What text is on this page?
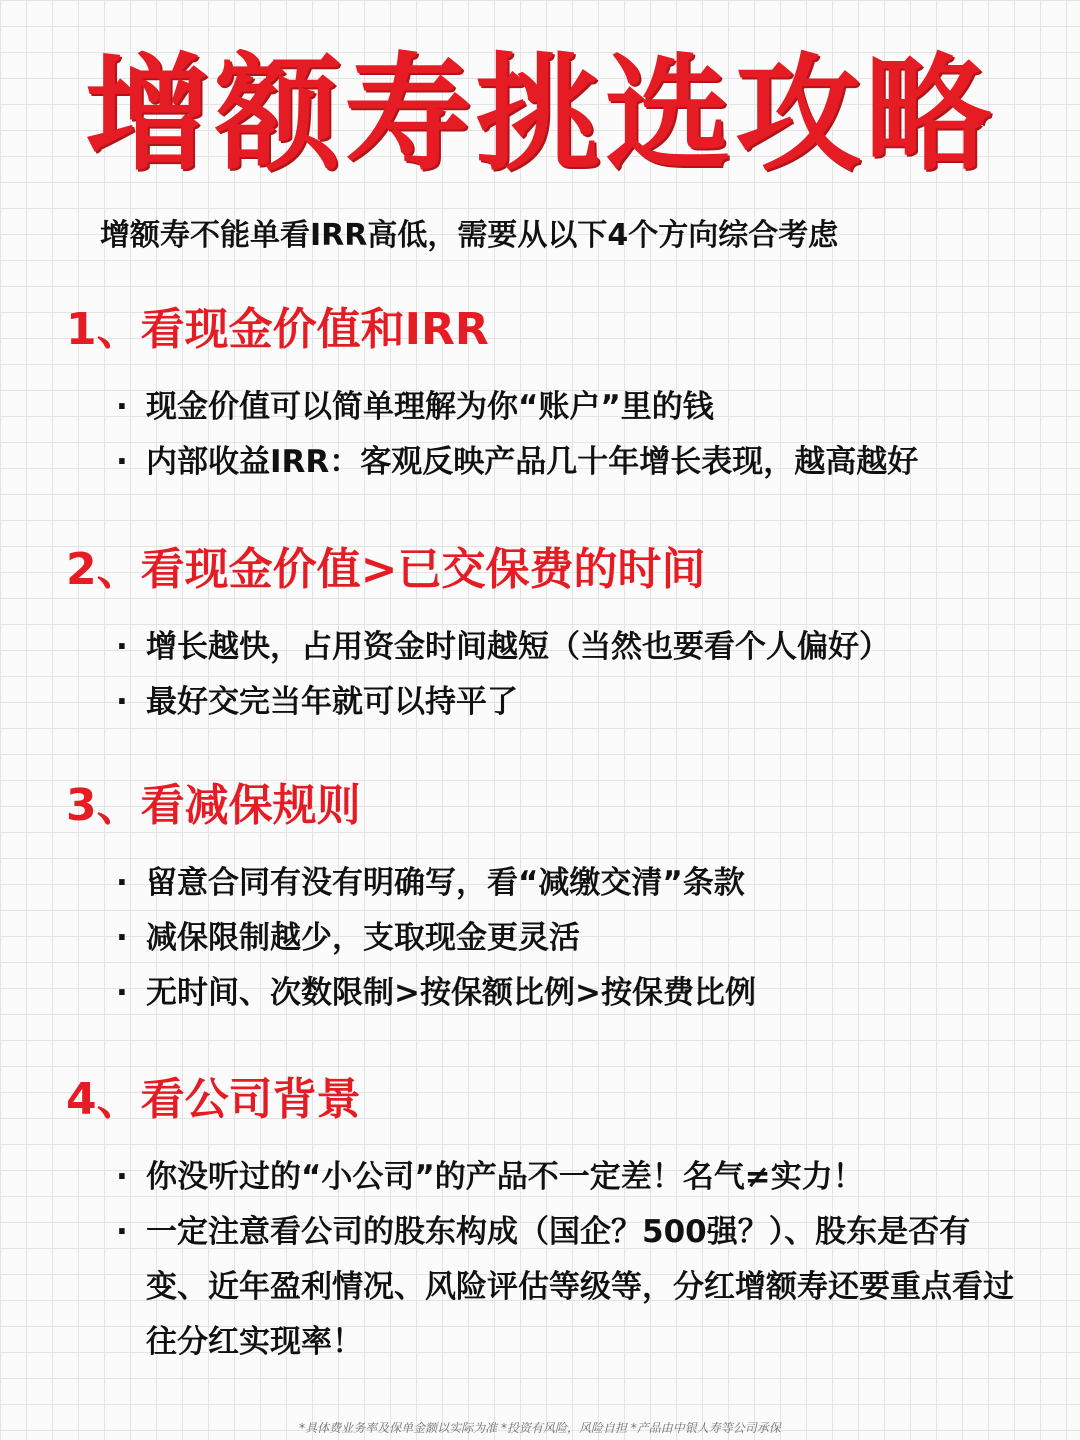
增额寿挑选攻略
增额寿不能单看IRR高低，需要从以下4个方向综合考虑
1、看现金价值和IRR
· 现金价值可以简单理解为你“账户”里的钱
· 内部收益IRR：客观反映产品几十年增长表现，越高越好
2、看现金价值>已交保费的时间
· 增长越快，占用资金时间越短（当然也要看个人偏好）
· 最好交完当年就可以持平了
3、看减保规则
· 留意合同有没有明确写，看“减缴交清”条款
· 减保限制越少，支取现金更灵活
· 无时间、次数限制>按保额比例>按保费比例
4、看公司背景
· 你没听过的“小公司”的产品不一定差！名气≠实力！
· 一定注意看公司的股东构成（国企？500强？）、股东是否有变、近年盈利情况、风险评估等级等，分红增额寿还要重点看过往分红实现率！
*具体费业务率及保单金额以实际为准 *投资有风险，风险自担 *产品由中银人寿等公司承保
